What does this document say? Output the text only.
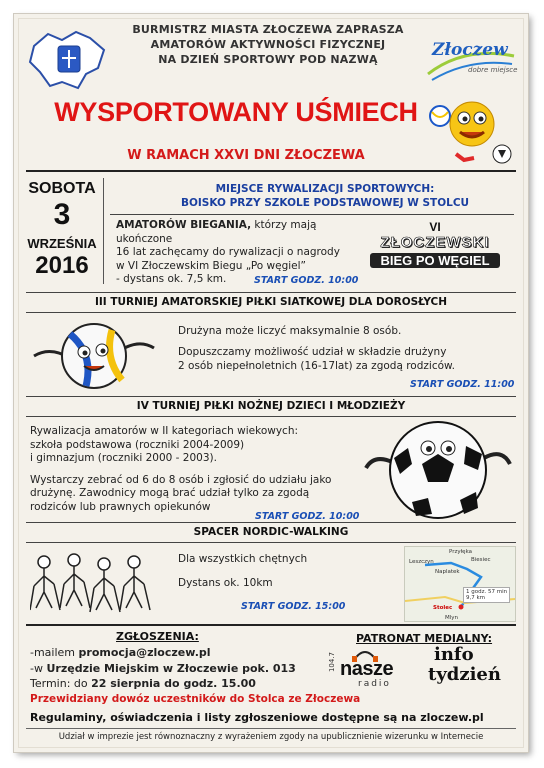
BURMISTRZ MIASTA ZŁOCZEWA ZAPRASZA
AMATORÓW AKTYWNOŚCI FIZYCZNEJ
NA DZIEŃ SPORTOWY POD NAZWĄ	Złoczew
dobre miejsce
WYSPORTOWANY UŚMIECH
W RAMACH XXVI DNI ZŁOCZEWA
SOBOTA
3
WRZEŚNIA
2016
MIEJSCE RYWALIZACJI SPORTOWYCH:
BOISKO PRZY SZKOLE PODSTAWOWEJ W STOLCU
AMATORÓW BIEGANIA, którzy mają ukończone
16 lat zachęcamy do rywalizacji o nagrody
w VI Złoczewskim Biegu „Po węgiel”
- dystans ok. 7,5 km.	START GODZ. 10:00
VI
ZŁOCZEWSKI
BIEG PO WĘGIEL
III TURNIEJ AMATORSKIEJ PIŁKI SIATKOWEJ DLA DOROSŁYCH
Drużyna może liczyć maksymalnie 8 osób.
Dopuszczamy możliwość udział w składzie drużyny
2 osób niepełnoletnich (16-17lat) za zgodą rodziców.
START GODZ. 11:00
IV TURNIEJ PIŁKI NOŻNEJ DZIECI I MŁODZIEŻY
Rywalizacja amatorów w II kategoriach wiekowych:
szkoła podstawowa (roczniki 2004-2009)
i gimnazjum (roczniki 2000 - 2003).
Wystarczy zebrać od 6 do 8 osób i zgłosić do udziału jako
drużynę. Zawodnicy mogą brać udział tylko za zgodą
rodziców lub prawnych opiekunów
START GODZ. 10:00
SPACER NORDIC-WALKING
Dla wszystkich chętnych
Dystans ok. 10km
START GODZ. 15:00
Przyłęka
Leszczyn	Biesiec
Naplatek
Stolec
Mlyn
1 godz. 57 min
9,7 km
ZGŁOSZENIA:
-mailem promocja@zloczew.pl
-w Urzędzie Miejskim w Złoczewie pok. 013
Termin: do 22 sierpnia do godz. 15.00
PATRONAT MEDIALNY:
104.7 nasze
radio
info
tydzień
Przewidziany dowóz uczestników do Stolca ze Złoczewa
Regulaminy, oświadczenia i listy zgłoszeniowe dostępne są na zloczew.pl
Udział w imprezie jest równoznaczny z wyrażeniem zgody na upublicznienie wizerunku w Internecie
